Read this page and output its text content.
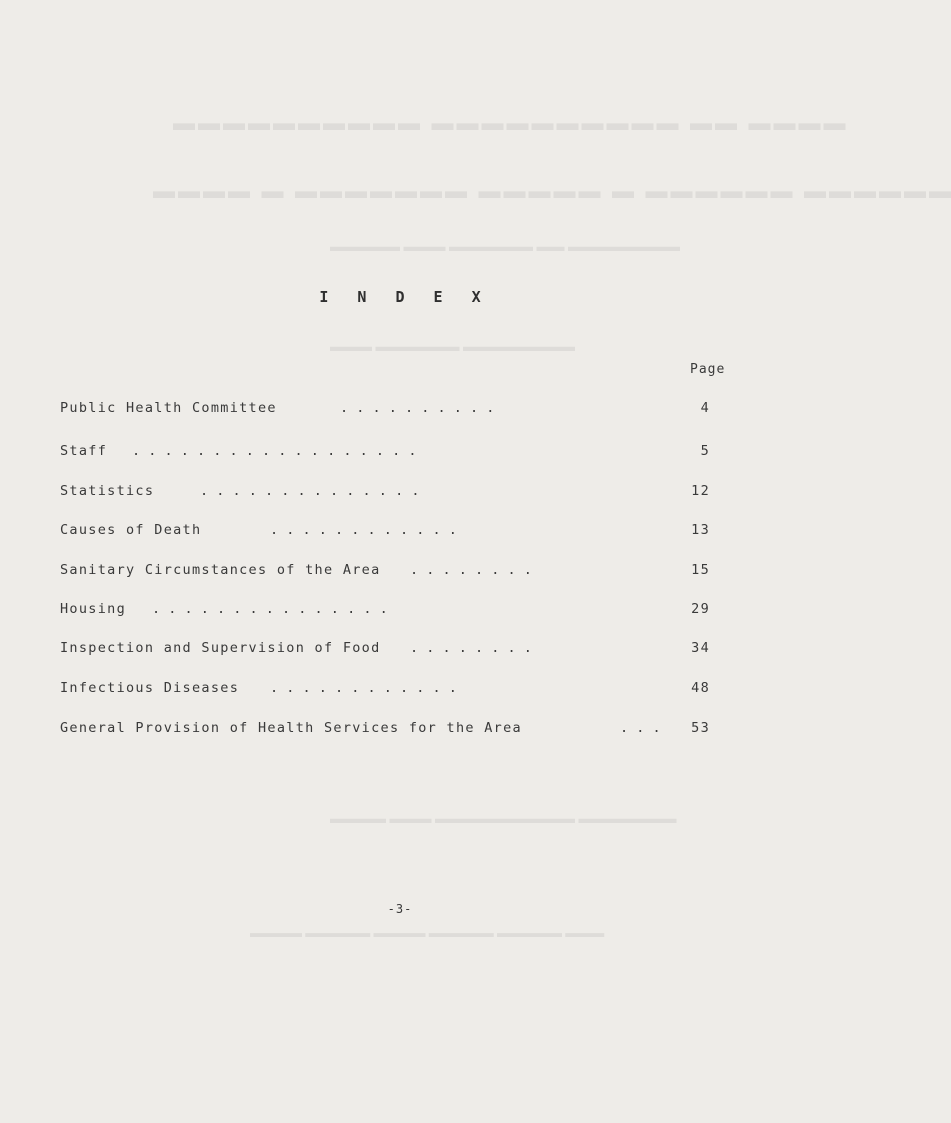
▬▬▬▬ ▬▬ ▬▬▬▬▬▬▬▬▬▬ ▬▬▬▬▬▬▬▬▬▬
▬▬▬▬▬▬ ▬▬▬▬▬▬ ▬ ▬▬▬▬▬ ▬▬▬▬▬▬▬ ▬ ▬▬▬▬
▬▬▬▬▬▬▬▬ ▬▬ ▬▬▬▬▬▬ ▬▬▬ ▬▬▬▬▬
▬▬▬▬▬▬▬▬ ▬▬▬▬▬▬ ▬▬▬
▬▬▬▬▬▬▬ ▬▬▬▬▬▬▬▬▬▬ ▬▬▬ ▬▬▬▬
▬▬▬ ▬▬▬▬▬ ▬▬▬▬▬ ▬▬▬▬ ▬▬▬▬▬ ▬▬▬▬
I N D E X
Page
Public Health Committee	. . . . . . . . . .	4
Staff . . . . . . . . . . . . . . . . . .	5
Statistics	. . . . . . . . . . . . . .	12
Causes of Death	. . . . . . . . . . . .	13
Sanitary Circumstances of the Area . . . . . . . .	15
Housing . . . . . . . . . . . . . . .	29
Inspection and Supervision of Food . . . . . . . .	34
Infectious Diseases . . . . . . . . . . . .	48
General Provision of Health Services for the Area	. . .	53
-3-
